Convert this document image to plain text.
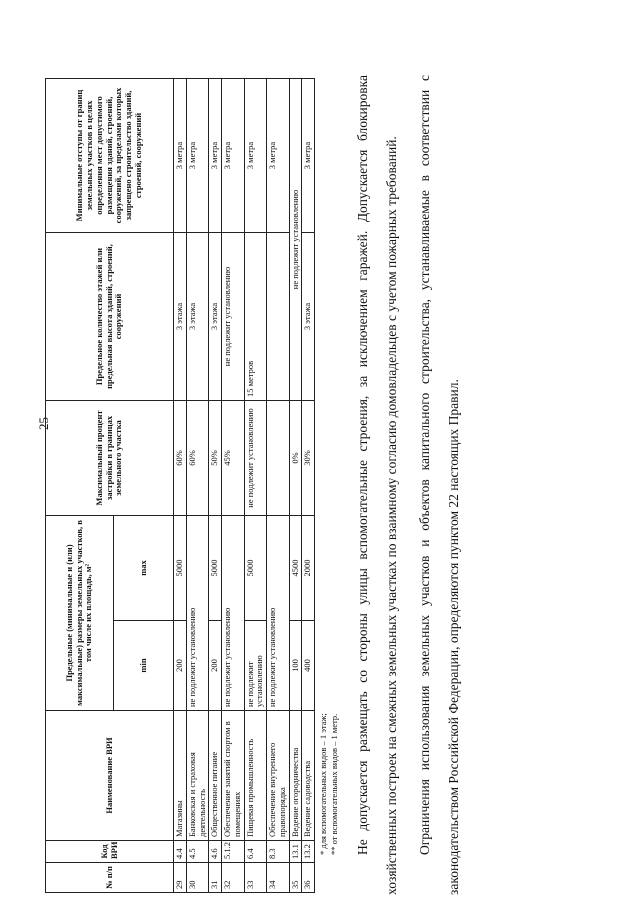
25
№ п/п	Код ВРИ	Наименование ВРИ	Предельные (минимальные и (или) максимальные) размеры земельных участков, в том числе их площадь, м²		Максимальный процент застройки в границах земельного участка	Предельное количество этажей или предельная высота зданий, строений, сооружений	Минимальные отступы от границ земельных участков в целях определения мест допустимого размещения зданий, строений, сооружений, за пределами которых запрещено строительство зданий, строений, сооружений
			min	max			
29	4.4	Магазины	200	5000	60%	3 этажа	3 метра
30	4.5	Банковская и страховая деятельность	не подлежит установлению		60%	3 этажа	3 метра
31	4.6	Общественное питание	200	5000	50%	3 этажа	3 метра
32	5.1.2	Обеспечение занятий спортом в помещениях	не подлежит установлению		45%	не подлежит установлению	3 метра
33	6.4	Пищевая промышленность	не подлежит установлению	5000	не подлежит установлению	15 метров	3 метра
34	8.3	Обеспечение внутреннего правопорядка	не подлежит установлению				3 метра
35	13.1	Ведение огородничества	100	4500	0%	не подлежит установлению	
36	13.2	Ведение садоводства	400	2000	30%	3 этажа	3 метра
* для вспомогательных видов – 1 этаж; ** от вспомогательных видов – 1 метр.	Не допускается размещать со стороны улицы вспомогательные строения, за исключением гаражей. Допускается блокировка хозяйственных построек на смежных земельных участках по взаимному согласию домовладельцев с учетом пожарных требований.	Ограничения использования земельных участков и объектов капитального строительства, устанавливаемые в соответствии с законодательством Российской Федерации, определяются пунктом 22 настоящих Правил.
